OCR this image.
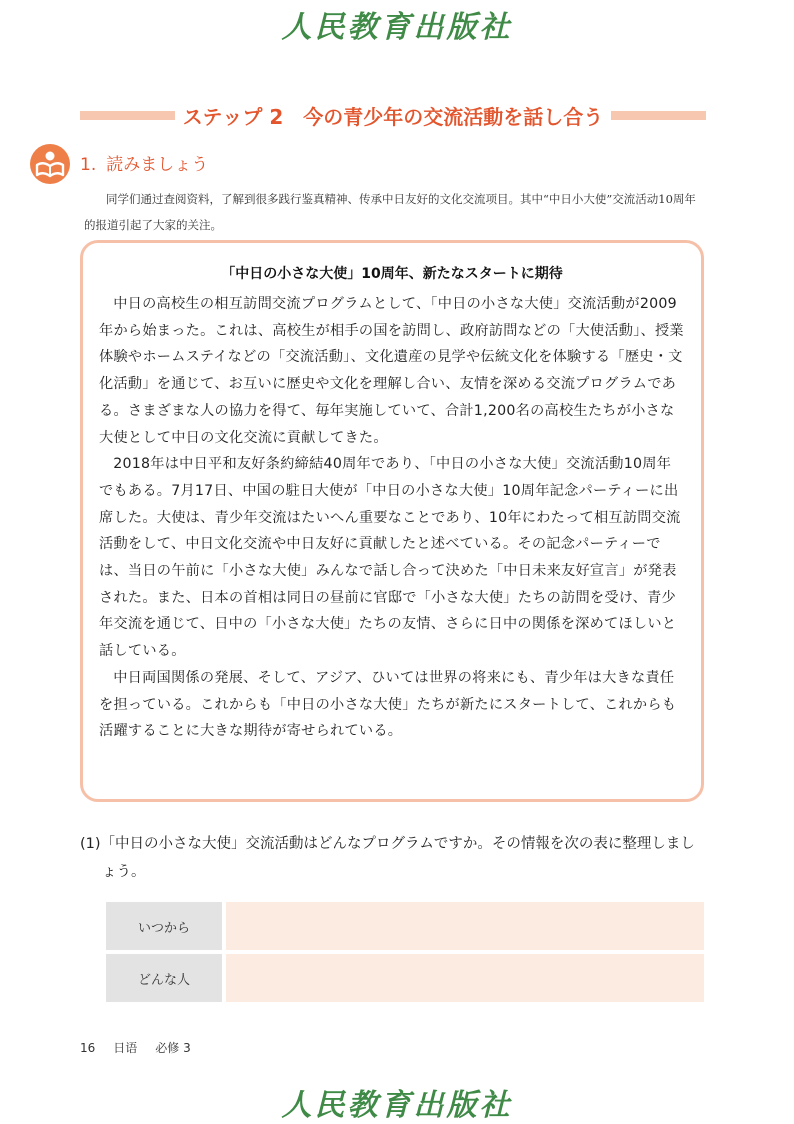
人民教育出版社
ステップ 2　今の青少年の交流活動を話し合う
1. 読みましょう
同学们通过查阅资料，了解到很多践行鉴真精神、传承中日友好的文化交流项目。其中“中日小大使”交流活动10周年的报道引起了大家的关注。
「中日の小さな大使」10周年、新たなスタートに期待

中日の高校生の相互訪問交流プログラムとして、「中日の小さな大使」交流活動が2009年から始まった。これは、高校生が相手の国を訪問し、政府訪問などの「大使活動」、授業体験やホームステイなどの「交流活動」、文化遺産の見学や伝統文化を体験する「歴史・文化活動」を通じて、お互いに歴史や文化を理解し合い、友情を深める交流プログラムである。さまざまな人の協力を得て、毎年実施していて、合計1,200名の高校生たちが小さな大使として中日の文化交流に貢献してきた。

2018年は中日平和友好条約締結40周年であり、「中日の小さな大使」交流活動10周年でもある。7月17日、中国の駐日大使が「中日の小さな大使」10周年記念パーティーに出席した。大使は、青少年交流はたいへん重要なことであり、10年にわたって相互訪問交流活動をして、中日文化交流や中日友好に貢献したと述べている。その記念パーティーでは、当日の午前に「小さな大使」みんなで話し合って決めた「中日未来友好宣言」が発表された。また、日本の首相は同日の昼前に官邸で「小さな大使」たちの訪問を受け、青少年交流を通じて、日中の「小さな大使」たちの友情、さらに日中の関係を深めてほしいと話している。

中日両国関係の発展、そして、アジア、ひいては世界の将来にも、青少年は大きな責任を担っている。これからも「中日の小さな大使」たちが新たにスタートして、これからも活躍することに大きな期待が寄せられている。

(1)「中日の小さな大使」交流活動はどんなプログラムですか。その情報を次の表に整理しましょう。
いつから	
どんな人	
16 日语 必修 3
人民教育出版社
